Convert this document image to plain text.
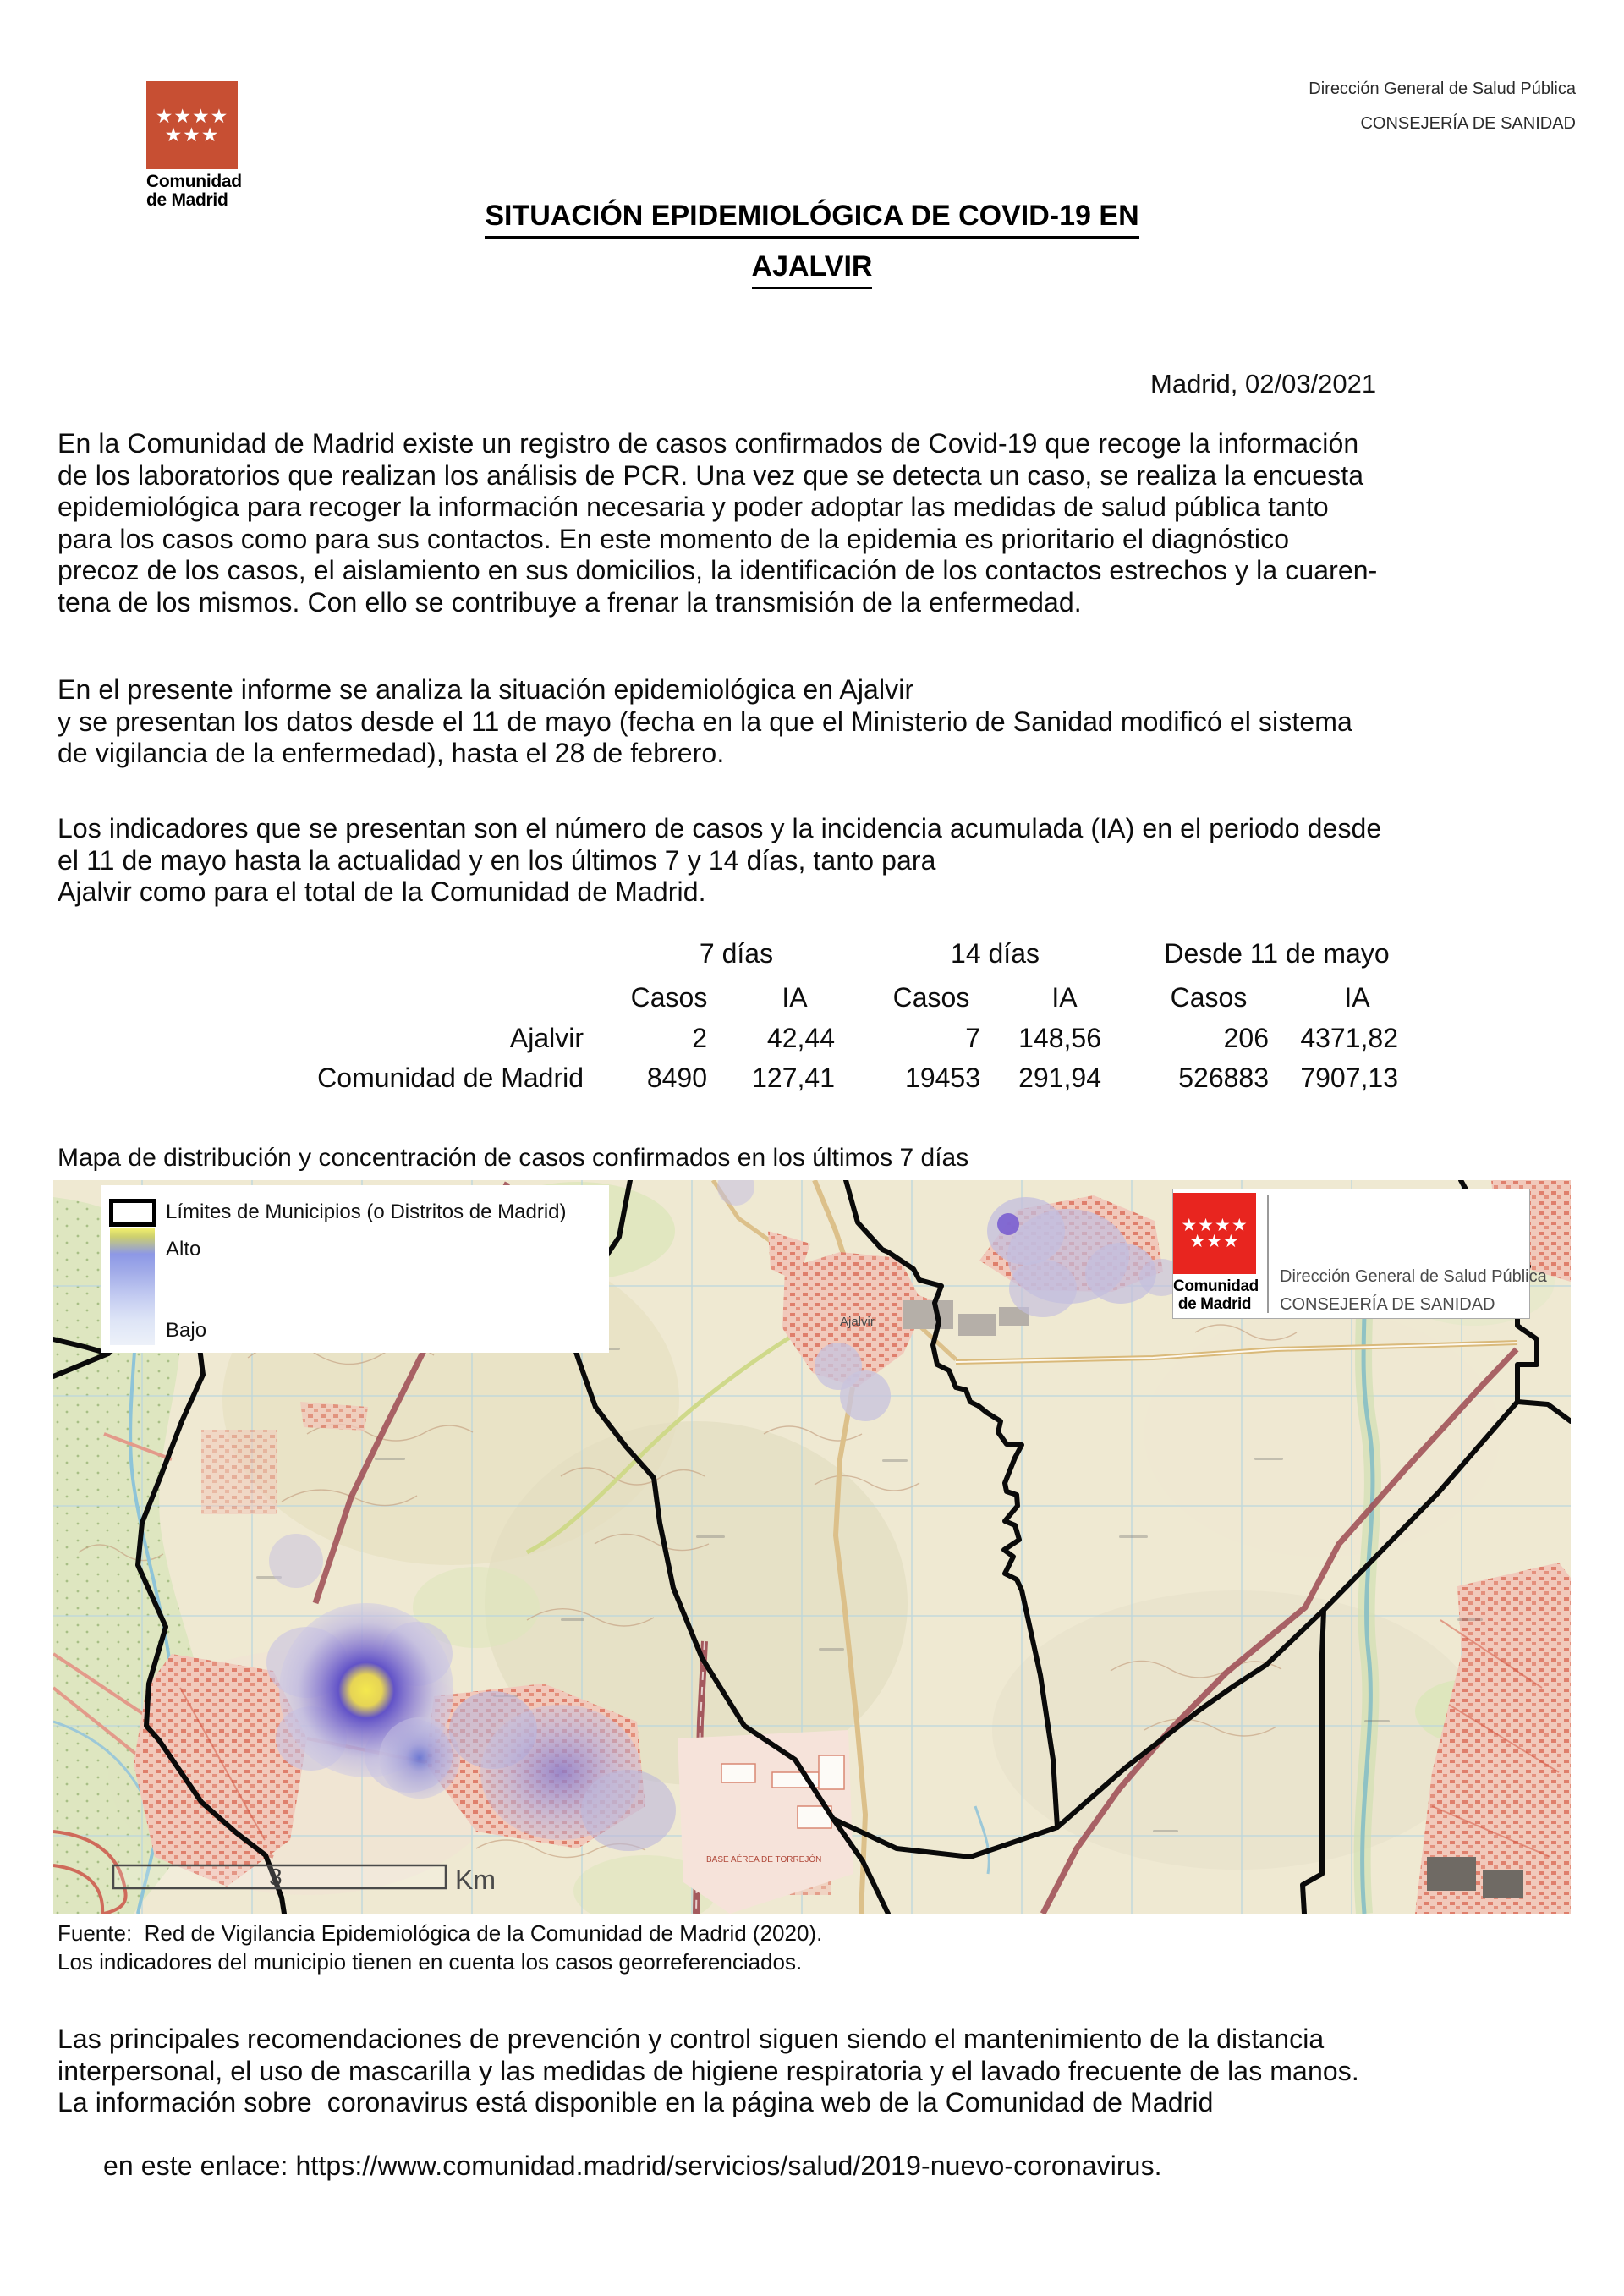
★★★★
★★★
Comunidad
de Madrid
Dirección General de Salud Pública
CONSEJERÍA DE SANIDAD
SITUACIÓN EPIDEMIOLÓGICA DE COVID-19 EN
AJALVIR
Madrid, 02/03/2021
En la Comunidad de Madrid existe un registro de casos confirmados de Covid-19 que recoge la información
de los laboratorios que realizan los análisis de PCR. Una vez que se detecta un caso, se realiza la encuesta
epidemiológica para recoger la información necesaria y poder adoptar las medidas de salud pública tanto
para los casos como para sus contactos. En este momento de la epidemia es prioritario el diagnóstico
precoz de los casos, el aislamiento en sus domicilios, la identificación de los contactos estrechos y la cuaren-
tena de los mismos. Con ello se contribuye a frenar la transmisión de la enfermedad.
En el presente informe se analiza la situación epidemiológica en Ajalvir
y se presentan los datos desde el 11 de mayo (fecha en la que el Ministerio de Sanidad modificó el sistema
de vigilancia de la enfermedad), hasta el 28 de febrero.
Los indicadores que se presentan son el número de casos y la incidencia acumulada (IA) en el periodo desde
el 11 de mayo hasta la actualidad y en los últimos 7 y 14 días, tanto para
Ajalvir como para el total de la Comunidad de Madrid.
7 días	14 días	Desde 11 de mayo
Casos	IA	Casos	IA	Casos	IA
Ajalvir	2	42,44	7	148,56	206	4371,82
Comunidad de Madrid	8490	127,41	19453	291,94	526883	7907,13
Mapa de distribución y concentración de casos confirmados en los últimos 7 días
Ajalvir
BASE AÉREA DE TORREJÓN
3	Km
Límites de Municipios (o Distritos de Madrid)
Alto
Bajo
★★★★
★★★
Comunidad
de Madrid
Dirección General de Salud Pública
CONSEJERÍA DE SANIDAD
Fuente:  Red de Vigilancia Epidemiológica de la Comunidad de Madrid (2020).
Los indicadores del municipio tienen en cuenta los casos georreferenciados.
Las principales recomendaciones de prevención y control siguen siendo el mantenimiento de la distancia
interpersonal, el uso de mascarilla y las medidas de higiene respiratoria y el lavado frecuente de las manos.
La información sobre  coronavirus está disponible en la página web de la Comunidad de Madrid

en este enlace: https://www.comunidad.madrid/servicios/salud/2019-nuevo-coronavirus.
